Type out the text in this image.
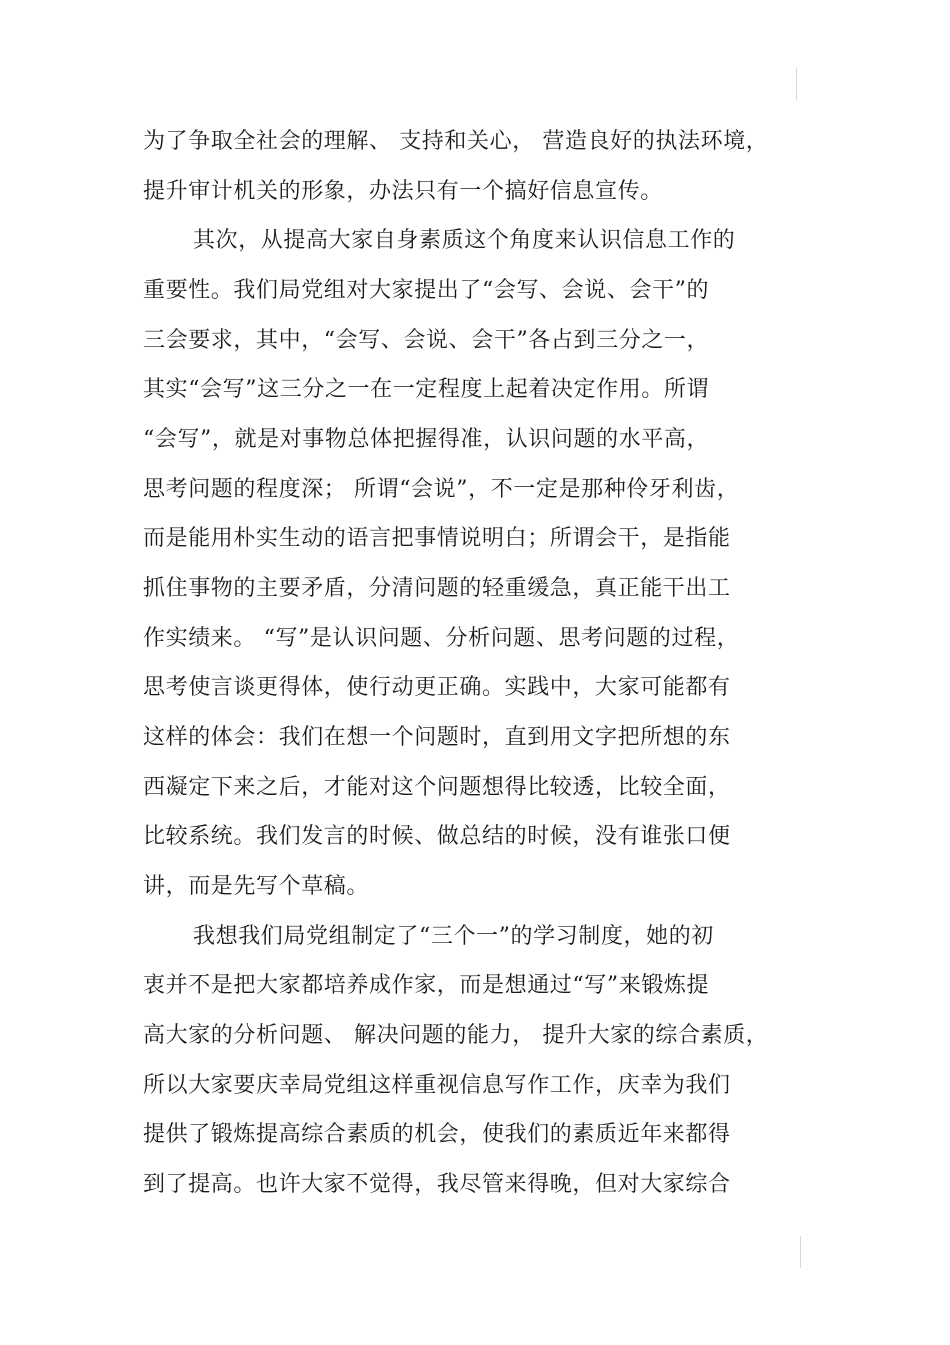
为了争取全社会的理解、 支持和关心， 营造良好的执法环境，
提升审计机关的形象，办法只有一个搞好信息宣传。
其次，从提高大家自身素质这个角度来认识信息工作的
重要性。我们局党组对大家提出了“会写、会说、会干”的
三会要求，其中，“会写、会说、会干”各占到三分之一，
其实“会写”这三分之一在一定程度上起着决定作用。所谓
“会写”，就是对事物总体把握得准，认识问题的水平高，
思考问题的程度深； 所谓“会说”，不一定是那种伶牙利齿，
而是能用朴实生动的语言把事情说明白；所谓会干，是指能
抓住事物的主要矛盾，分清问题的轻重缓急，真正能干出工
作实绩来。 “写”是认识问题、分析问题、思考问题的过程，
思考使言谈更得体，使行动更正确。实践中，大家可能都有
这样的体会：我们在想一个问题时，直到用文字把所想的东
西凝定下来之后，才能对这个问题想得比较透，比较全面，
比较系统。我们发言的时候、做总结的时候，没有谁张口便
讲，而是先写个草稿。
我想我们局党组制定了“三个一”的学习制度，她的初
衷并不是把大家都培养成作家，而是想通过“写”来锻炼提
高大家的分析问题、 解决问题的能力， 提升大家的综合素质，
所以大家要庆幸局党组这样重视信息写作工作，庆幸为我们
提供了锻炼提高综合素质的机会，使我们的素质近年来都得
到了提高。也许大家不觉得，我尽管来得晚，但对大家综合
